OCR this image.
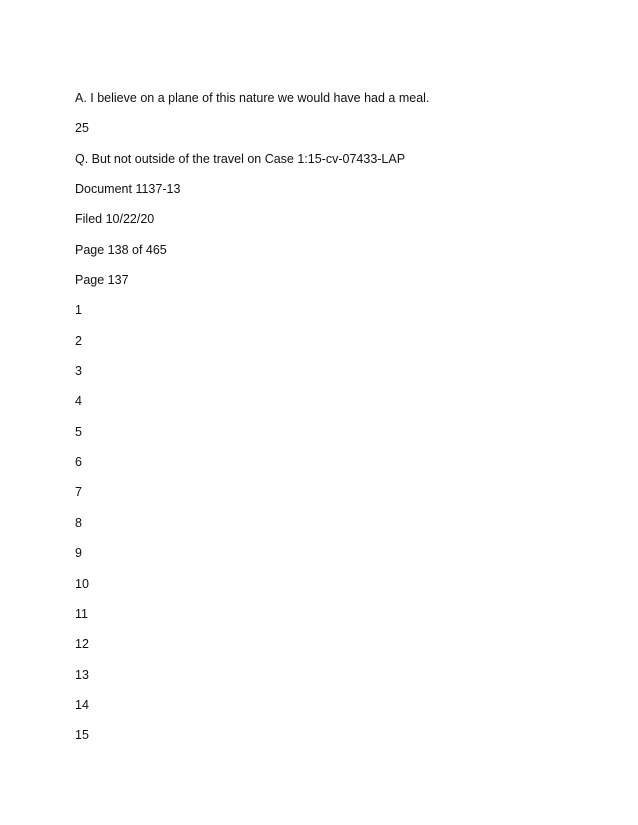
A. I believe on a plane of this nature we would have had a meal.
25
Q. But not outside of the travel on Case 1:15-cv-07433-LAP
Document 1137-13
Filed 10/22/20
Page 138 of 465
Page 137
1
2
3
4
5
6
7
8
9
10
11
12
13
14
15
